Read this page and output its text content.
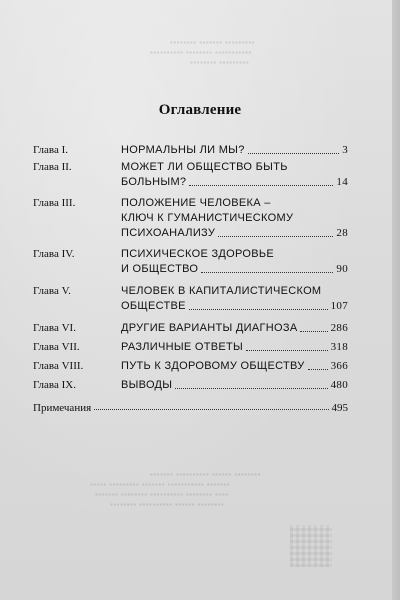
▪▪▪▪▪▪▪▪ ▪▪▪▪▪▪▪ ▪▪▪▪▪▪▪▪▪
▪▪▪▪▪▪▪▪▪▪ ▪▪▪▪▪▪▪▪ ▪▪▪▪▪▪▪▪▪▪▪
▪▪▪▪▪▪▪▪ ▪▪▪▪▪▪▪▪▪
▪▪▪▪▪▪▪ ▪▪▪▪▪▪▪▪▪▪ ▪▪▪▪▪▪ ▪▪▪▪▪▪▪▪
▪▪▪▪▪ ▪▪▪▪▪▪▪▪▪ ▪▪▪▪▪▪▪ ▪▪▪▪▪▪▪▪▪▪▪ ▪▪▪▪▪▪▪
▪▪▪▪▪▪▪ ▪▪▪▪▪▪▪▪ ▪▪▪▪▪▪▪▪▪▪ ▪▪▪▪▪▪▪▪ ▪▪▪▪
▪▪▪▪▪▪▪▪ ▪▪▪▪▪▪▪▪▪▪ ▪▪▪▪▪▪ ▪▪▪▪▪▪▪▪
Оглавление
Глава I.	НОРМАЛЬНЫ ЛИ МЫ?	3
Глава II.	МОЖЕТ ЛИ ОБЩЕСТВО БЫТЬ
БОЛЬНЫМ?	14
Глава III.	ПОЛОЖЕНИЕ ЧЕЛОВЕКА –
КЛЮЧ К ГУМАНИСТИЧЕСКОМУ
ПСИХОАНАЛИЗУ	28
Глава IV.	ПСИХИЧЕСКОЕ ЗДОРОВЬЕ
И ОБЩЕСТВО	90
Глава V.	ЧЕЛОВЕК В КАПИТАЛИСТИЧЕСКОМ
ОБЩЕСТВЕ	107
Глава VI.	ДРУГИЕ ВАРИАНТЫ ДИАГНОЗА	286
Глава VII.	РАЗЛИЧНЫЕ ОТВЕТЫ	318
Глава VIII.	ПУТЬ К ЗДОРОВОМУ ОБЩЕСТВУ 366
Глава IX.	ВЫВОДЫ	480
Примечания	495
